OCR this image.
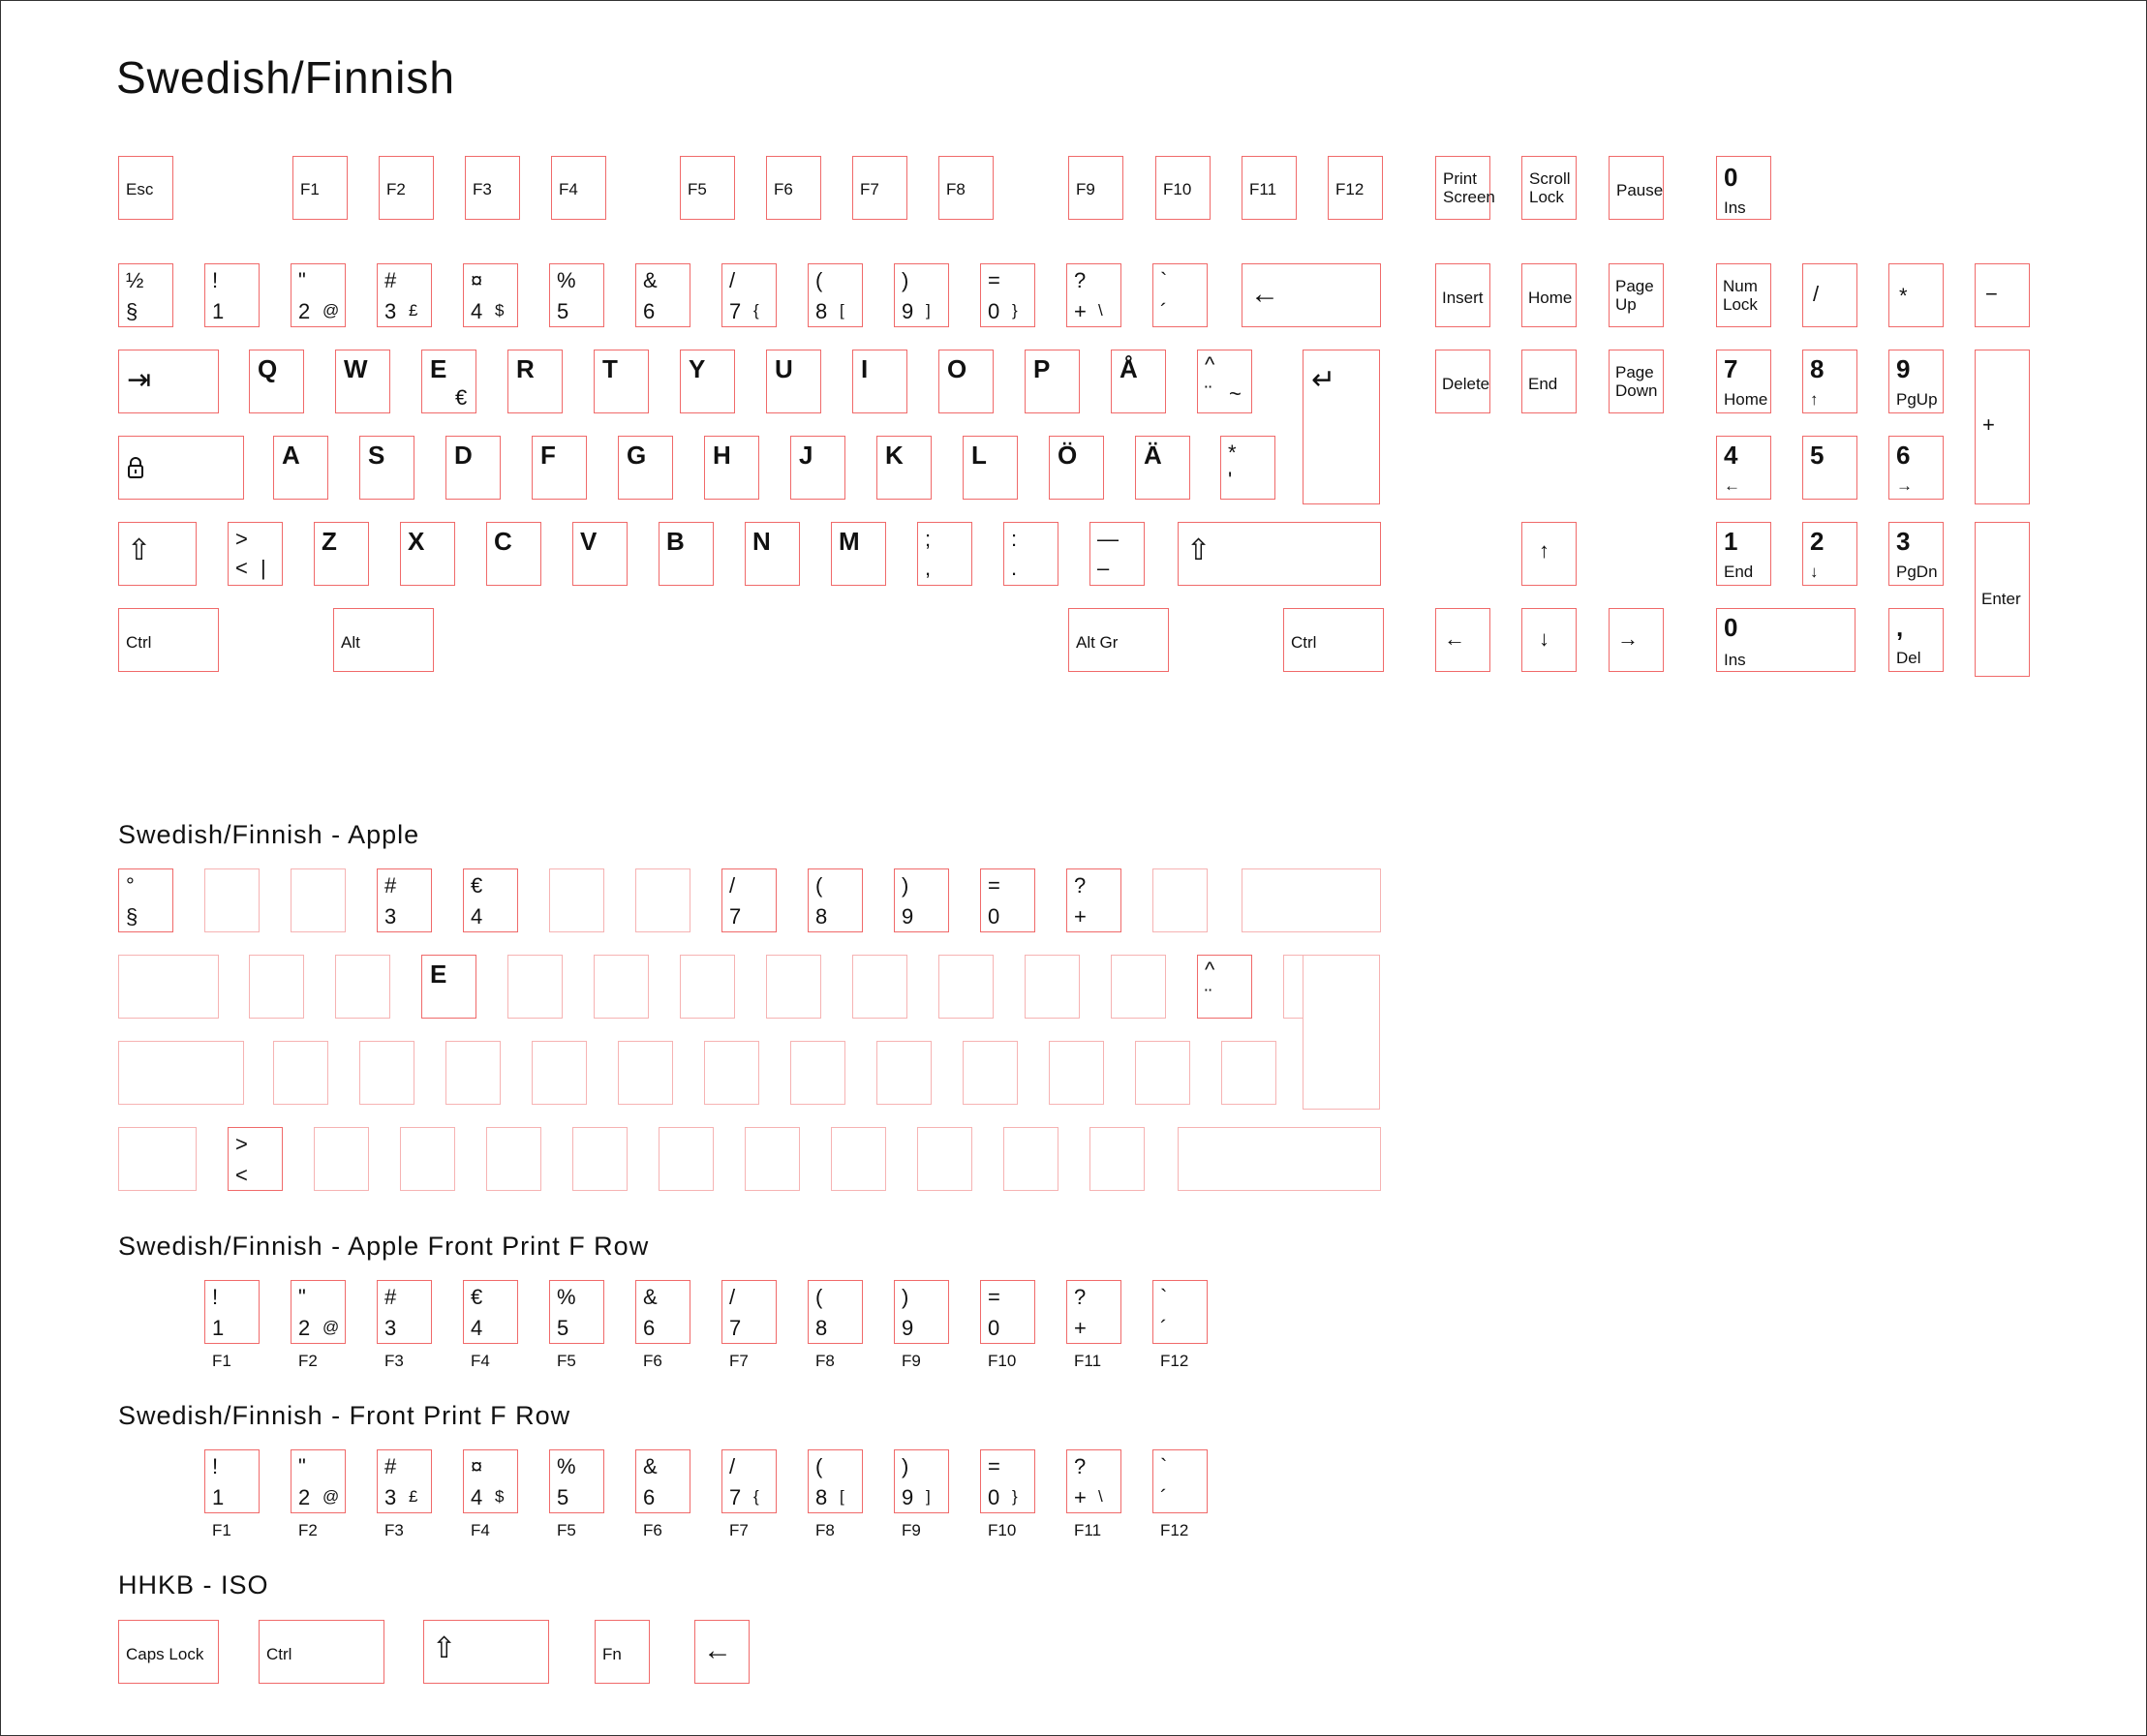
Swedish/Finnish
Swedish/Finnish - Apple
Swedish/Finnish - Apple Front Print F Row
Swedish/Finnish - Front Print F Row
HHKB - ISO
Esc	F1	F2	F3	F4	F5	F6	F7	F8	F9	F10	F11	F12
Print
Screen
Scroll
Lock	Pause 0
Ins
½
§
!
1
"
2 @
#
3 £
¤
4 $
%
5
&
6
/
7 {
(
8 [
)
9 ]
=
0 }
?
+ \
`
´
←
⇥	Q	W E
€
R	T	Y	U	I	O	P	Å	^
¨ ~ ↵
A	S	D	F	G	H	J	K	L	Ö	Ä	*
'
⇧	>
< |
Z	X	C	V	B	N	M	;
,
:
.
—
–
⇧
Ctrl	Alt	Alt Gr	Ctrl
Insert	Home
Page
Up
Delete End
Page
Down
↑
←	↓	→
Num
Lock	/	*	−
+
Enter
7
Home
8
↑
9
PgUp
4
←
5	6
→
1
End
2
↓
3
PgDn
,
Del
0
Ins
°
§
#
3
€
4
/
7
(
8
)
9
=
0
?
+
E	^
¨
>
<
!
1
F1
"
2 @
F2
#
3
F3
€
4
F4
%
5
F5
&
6
F6
/
7
F7
(
8
F8
)
9
F9
=
0
F10
?
+
F11
`
´
F12
!
1
F1
"
2 @
F2
#
3 £
F3
¤
4 $
F4
%
5
F5
&
6
F6
/
7 {
F7
(
8 [
F8
)
9 ]
F9
=
0 }
F10
?
+ \
F11
`
´
F12
Caps Lock	Ctrl	⇧	Fn	←
